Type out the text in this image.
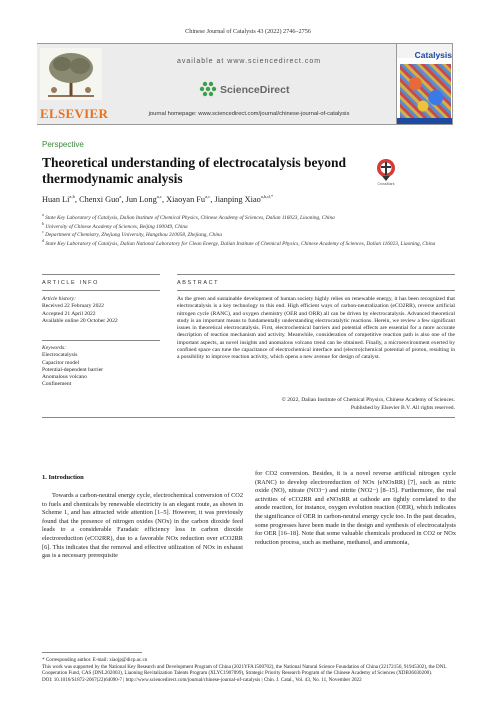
Chinese Journal of Catalysis 43 (2022) 2746–2756
ELSEVIER
available at www.sciencedirect.com
ScienceDirect
journal homepage: www.sciencedirect.com/journal/chinese-journal-of-catalysis
Catalysis
Perspective
Theoretical understanding of electrocatalysis beyond thermodynamic analysis	CrossMark
Huan Li$^{a,b}$, Chenxi Guo$^a$, Jun Long$^{a,c}$, Xiaoyan Fu$^{a,c}$, Jianping Xiao$^{a,b,d,*}$
$^a$ State Key Laboratory of Catalysis, Dalian Institute of Chemical Physics, Chinese Academy of Sciences, Dalian 116023, Liaoning, China
$^b$ University of Chinese Academy of Sciences, Beijing 100049, China
$^c$ Department of Chemistry, Zhejiang University, Hangzhou 310058, Zhejiang, China
$^d$ State Key Laboratory of Catalysis, Dalian National Laboratory for Clean Energy, Dalian Institute of Chemical Physics, Chinese Academy of Sciences, Dalian 116023, Liaoning, China
ARTICLE INFO	ABSTRACT
Article history:
Received 22 February 2022
Accepted 21 April 2022
Available online 20 October 2022
Keywords:
Electrocatalysis
Capacitor model
Potential-dependent barrier
Anomalous volcano
Confinement
As the green and sustainable development of human society highly relies on renewable energy, it has been recognized that electrocatalysis is a key technology to this end. High efficient ways of carbon-neutralization (eCO2RR), reverse artificial nitrogen cycle (RANC), and oxygen chemistry (OER and ORR) all can be driven by electrocatalysis. Advanced theoretical study is an important means to fundamentally understanding electrocatalytic reactions. Herein, we review a few significant issues in theoretical electrocatalysis. First, electrochemical barriers and potential effects are essential for a more accurate description of reaction mechanism and activity. Meanwhile, consideration of competitive reaction path is also one of the important aspects, as novel insights and anomalous volcano trend can be obtained. Finally, a microenvironment exerted by confined space can tune the capacitance of electrochemical interface and (electro)chemical potential of proton, resulting in a possibility to improve reaction activity, which opens a new avenue for design of catalyst.
© 2022, Dalian Institute of Chemical Physics, Chinese Academy of Sciences.
Published by Elsevier B.V. All rights reserved.
1. Introduction
Towards a carbon-neutral energy cycle, electrochemical conversion of CO2 to fuels and chemicals by renewable electricity is an elegant route, as shown in Scheme 1, and has attracted wide attention [1–5]. However, it was previously found that the presence of nitrogen oxides (NOx) in the carbon dioxide feed leads to a considerable Faradaic efficiency loss in carbon dioxide electroreduction (eCO2RR), due to a favorable NOx reduction over eCO2RR [6]. This indicates that the removal and effective utilization of NOx in exhaust gas is a necessary prerequisite
for CO2 conversion. Besides, it is a novel reverse artificial nitrogen cycle (RANC) to develop electroreduction of NOx (eNOxRR) [7], such as nitric oxide (NO), nitrate (NO3−) and nitrite (NO2−) [8–15]. Furthermore, the real activities of eCO2RR and eNOxRR at cathode are tightly correlated to the anode reaction, for instance, oxygen evolution reaction (OER), which indicates the significance of OER in carbon-neutral energy cycle too. In the past decades, some progresses have been made in the design and synthesis of electrocatalysts for OER [16–18]. Note that some valuable chemicals produced in CO2 or NOx reduction process, such as methane, methanol, and ammonia,
* Corresponding author. E-mail: xiaojp@dicp.ac.cn
This work was supported by the National Key Research and Development Program of China (2021YFA1500702), the National Natural Science Foundation of China (22172156, 91945302), the DNL Cooperation Fund, CAS (DNL202003), Liaoning Revitalization Talents Program (XLYC1907099), Strategic Priority Research Program of the Chinese Academy of Sciences (XDB36030200).
DOI: 10.1016/S1872-2067(22)64090-7 | http://www.sciencedirect.com/journal/chinese-journal-of-catalysis | Chin. J. Catal., Vol. 43, No. 11, November 2022
